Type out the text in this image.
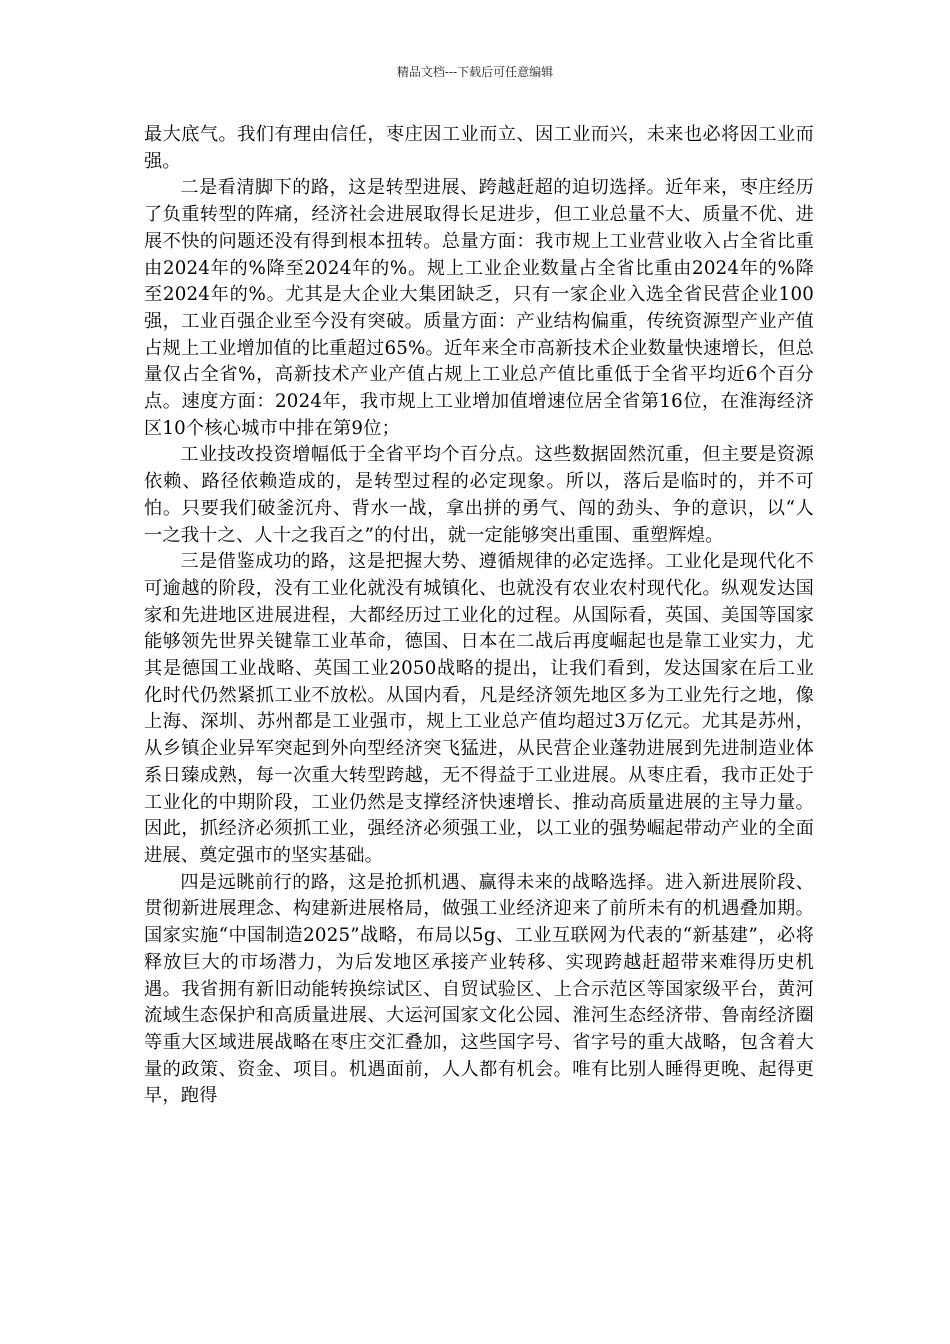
精品文档---下载后可任意编辑

最大底气。我们有理由信任，枣庄因工业而立、因工业而兴，未来也必将因工业而强。

二是看清脚下的路，这是转型进展、跨越赶超的迫切选择。近年来，枣庄经历了负重转型的阵痛，经济社会进展取得长足进步，但工业总量不大、质量不优、进展不快的问题还没有得到根本扭转。总量方面：我市规上工业营业收入占全省比重由2024年的%降至2024年的%。规上工业企业数量占全省比重由2024年的%降至2024年的%。尤其是大企业大集团缺乏，只有一家企业入选全省民营企业100强，工业百强企业至今没有突破。质量方面：产业结构偏重，传统资源型产业产值占规上工业增加值的比重超过65%。近年来全市高新技术企业数量快速增长，但总量仅占全省%，高新技术产业产值占规上工业总产值比重低于全省平均近6个百分点。速度方面：2024年，我市规上工业增加值增速位居全省第16位，在淮海经济区10个核心城市中排在第9位；

工业技改投资增幅低于全省平均个百分点。这些数据固然沉重，但主要是资源依赖、路径依赖造成的，是转型过程的必定现象。所以，落后是临时的，并不可怕。只要我们破釜沉舟、背水一战，拿出拼的勇气、闯的劲头、争的意识，以“人一之我十之、人十之我百之”的付出，就一定能够突出重围、重塑辉煌。

三是借鉴成功的路，这是把握大势、遵循规律的必定选择。工业化是现代化不可逾越的阶段，没有工业化就没有城镇化、也就没有农业农村现代化。纵观发达国家和先进地区进展进程，大都经历过工业化的过程。从国际看，英国、美国等国家能够领先世界关键靠工业革命，德国、日本在二战后再度崛起也是靠工业实力，尤其是德国工业战略、英国工业2050战略的提出，让我们看到，发达国家在后工业化时代仍然紧抓工业不放松。从国内看，凡是经济领先地区多为工业先行之地，像上海、深圳、苏州都是工业强市，规上工业总产值均超过3万亿元。尤其是苏州，从乡镇企业异军突起到外向型经济突飞猛进，从民营企业蓬勃进展到先进制造业体系日臻成熟，每一次重大转型跨越，无不得益于工业进展。从枣庄看，我市正处于工业化的中期阶段，工业仍然是支撑经济快速增长、推动高质量进展的主导力量。因此，抓经济必须抓工业，强经济必须强工业，以工业的强势崛起带动产业的全面进展、奠定强市的坚实基础。

四是远眺前行的路，这是抢抓机遇、赢得未来的战略选择。进入新进展阶段、贯彻新进展理念、构建新进展格局，做强工业经济迎来了前所未有的机遇叠加期。国家实施“中国制造2025”战略，布局以5g、工业互联网为代表的“新基建”，必将释放巨大的市场潜力，为后发地区承接产业转移、实现跨越赶超带来难得历史机遇。我省拥有新旧动能转换综试区、自贸试验区、上合示范区等国家级平台，黄河流域生态保护和高质量进展、大运河国家文化公园、淮河生态经济带、鲁南经济圈等重大区域进展战略在枣庄交汇叠加，这些国字号、省字号的重大战略，包含着大量的政策、资金、项目。机遇面前，人人都有机会。唯有比别人睡得更晚、起得更早，跑得
